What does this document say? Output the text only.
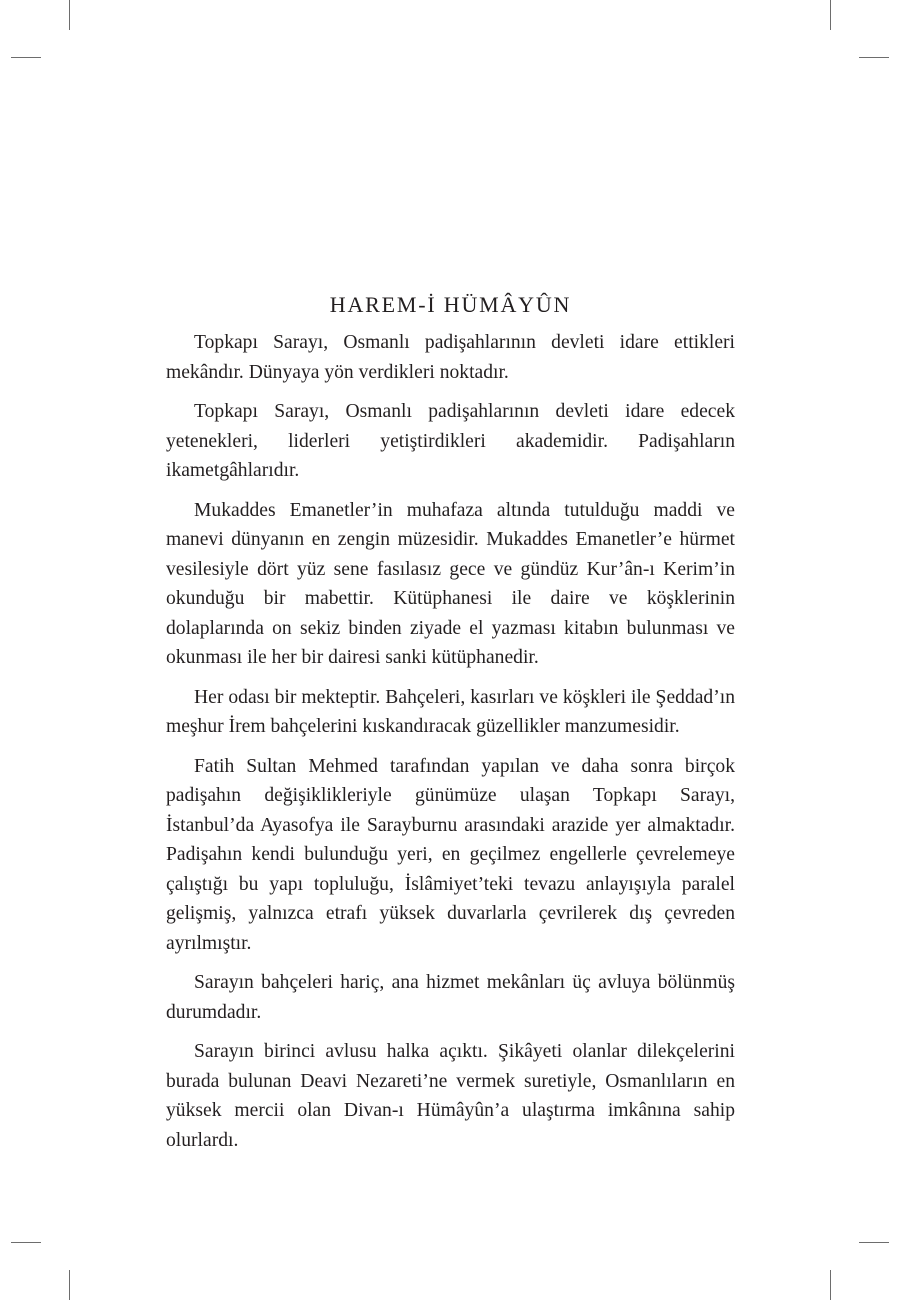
HAREM-İ HÜMÂYÛN

Topkapı Sarayı, Osmanlı padişahlarının devleti idare ettikleri mekândır. Dünyaya yön verdikleri noktadır.

Topkapı Sarayı, Osmanlı padişahlarının devleti idare edecek yetenekleri, liderleri yetiştirdikleri akademidir. Padişahların ikametgâhlarıdır.

Mukaddes Emanetler’in muhafaza altında tutulduğu maddi ve manevi dünyanın en zengin müzesidir. Mukaddes Emanetler’e hürmet vesilesiyle dört yüz sene fasılasız gece ve gündüz Kur’ân-ı Kerim’in okunduğu bir mabettir. Kütüphanesi ile daire ve köşklerinin dolaplarında on sekiz binden ziyade el yazması kitabın bulunması ve okunması ile her bir dairesi sanki kütüphanedir.

Her odası bir mekteptir. Bahçeleri, kasırları ve köşkleri ile Şeddad’ın meşhur İrem bahçelerini kıskandıracak güzellikler manzumesidir.

Fatih Sultan Mehmed tarafından yapılan ve daha sonra birçok padişahın değişiklikleriyle günümüze ulaşan Topkapı Sarayı, İstanbul’da Ayasofya ile Sarayburnu arasındaki arazide yer almaktadır. Padişahın kendi bulunduğu yeri, en geçilmez engellerle çevrelemeye çalıştığı bu yapı topluluğu, İslâmiyet’teki tevazu anlayışıyla paralel gelişmiş, yalnızca etrafı yüksek duvarlarla çevrilerek dış çevreden ayrılmıştır.

Sarayın bahçeleri hariç, ana hizmet mekânları üç avluya bölünmüş durumdadır.

Sarayın birinci avlusu halka açıktı. Şikâyeti olanlar dilekçelerini burada bulunan Deavi Nezareti’ne vermek suretiyle, Osmanlıların en yüksek mercii olan Divan-ı Hümâyûn’a ulaştırma imkânına sahip olurlardı.
